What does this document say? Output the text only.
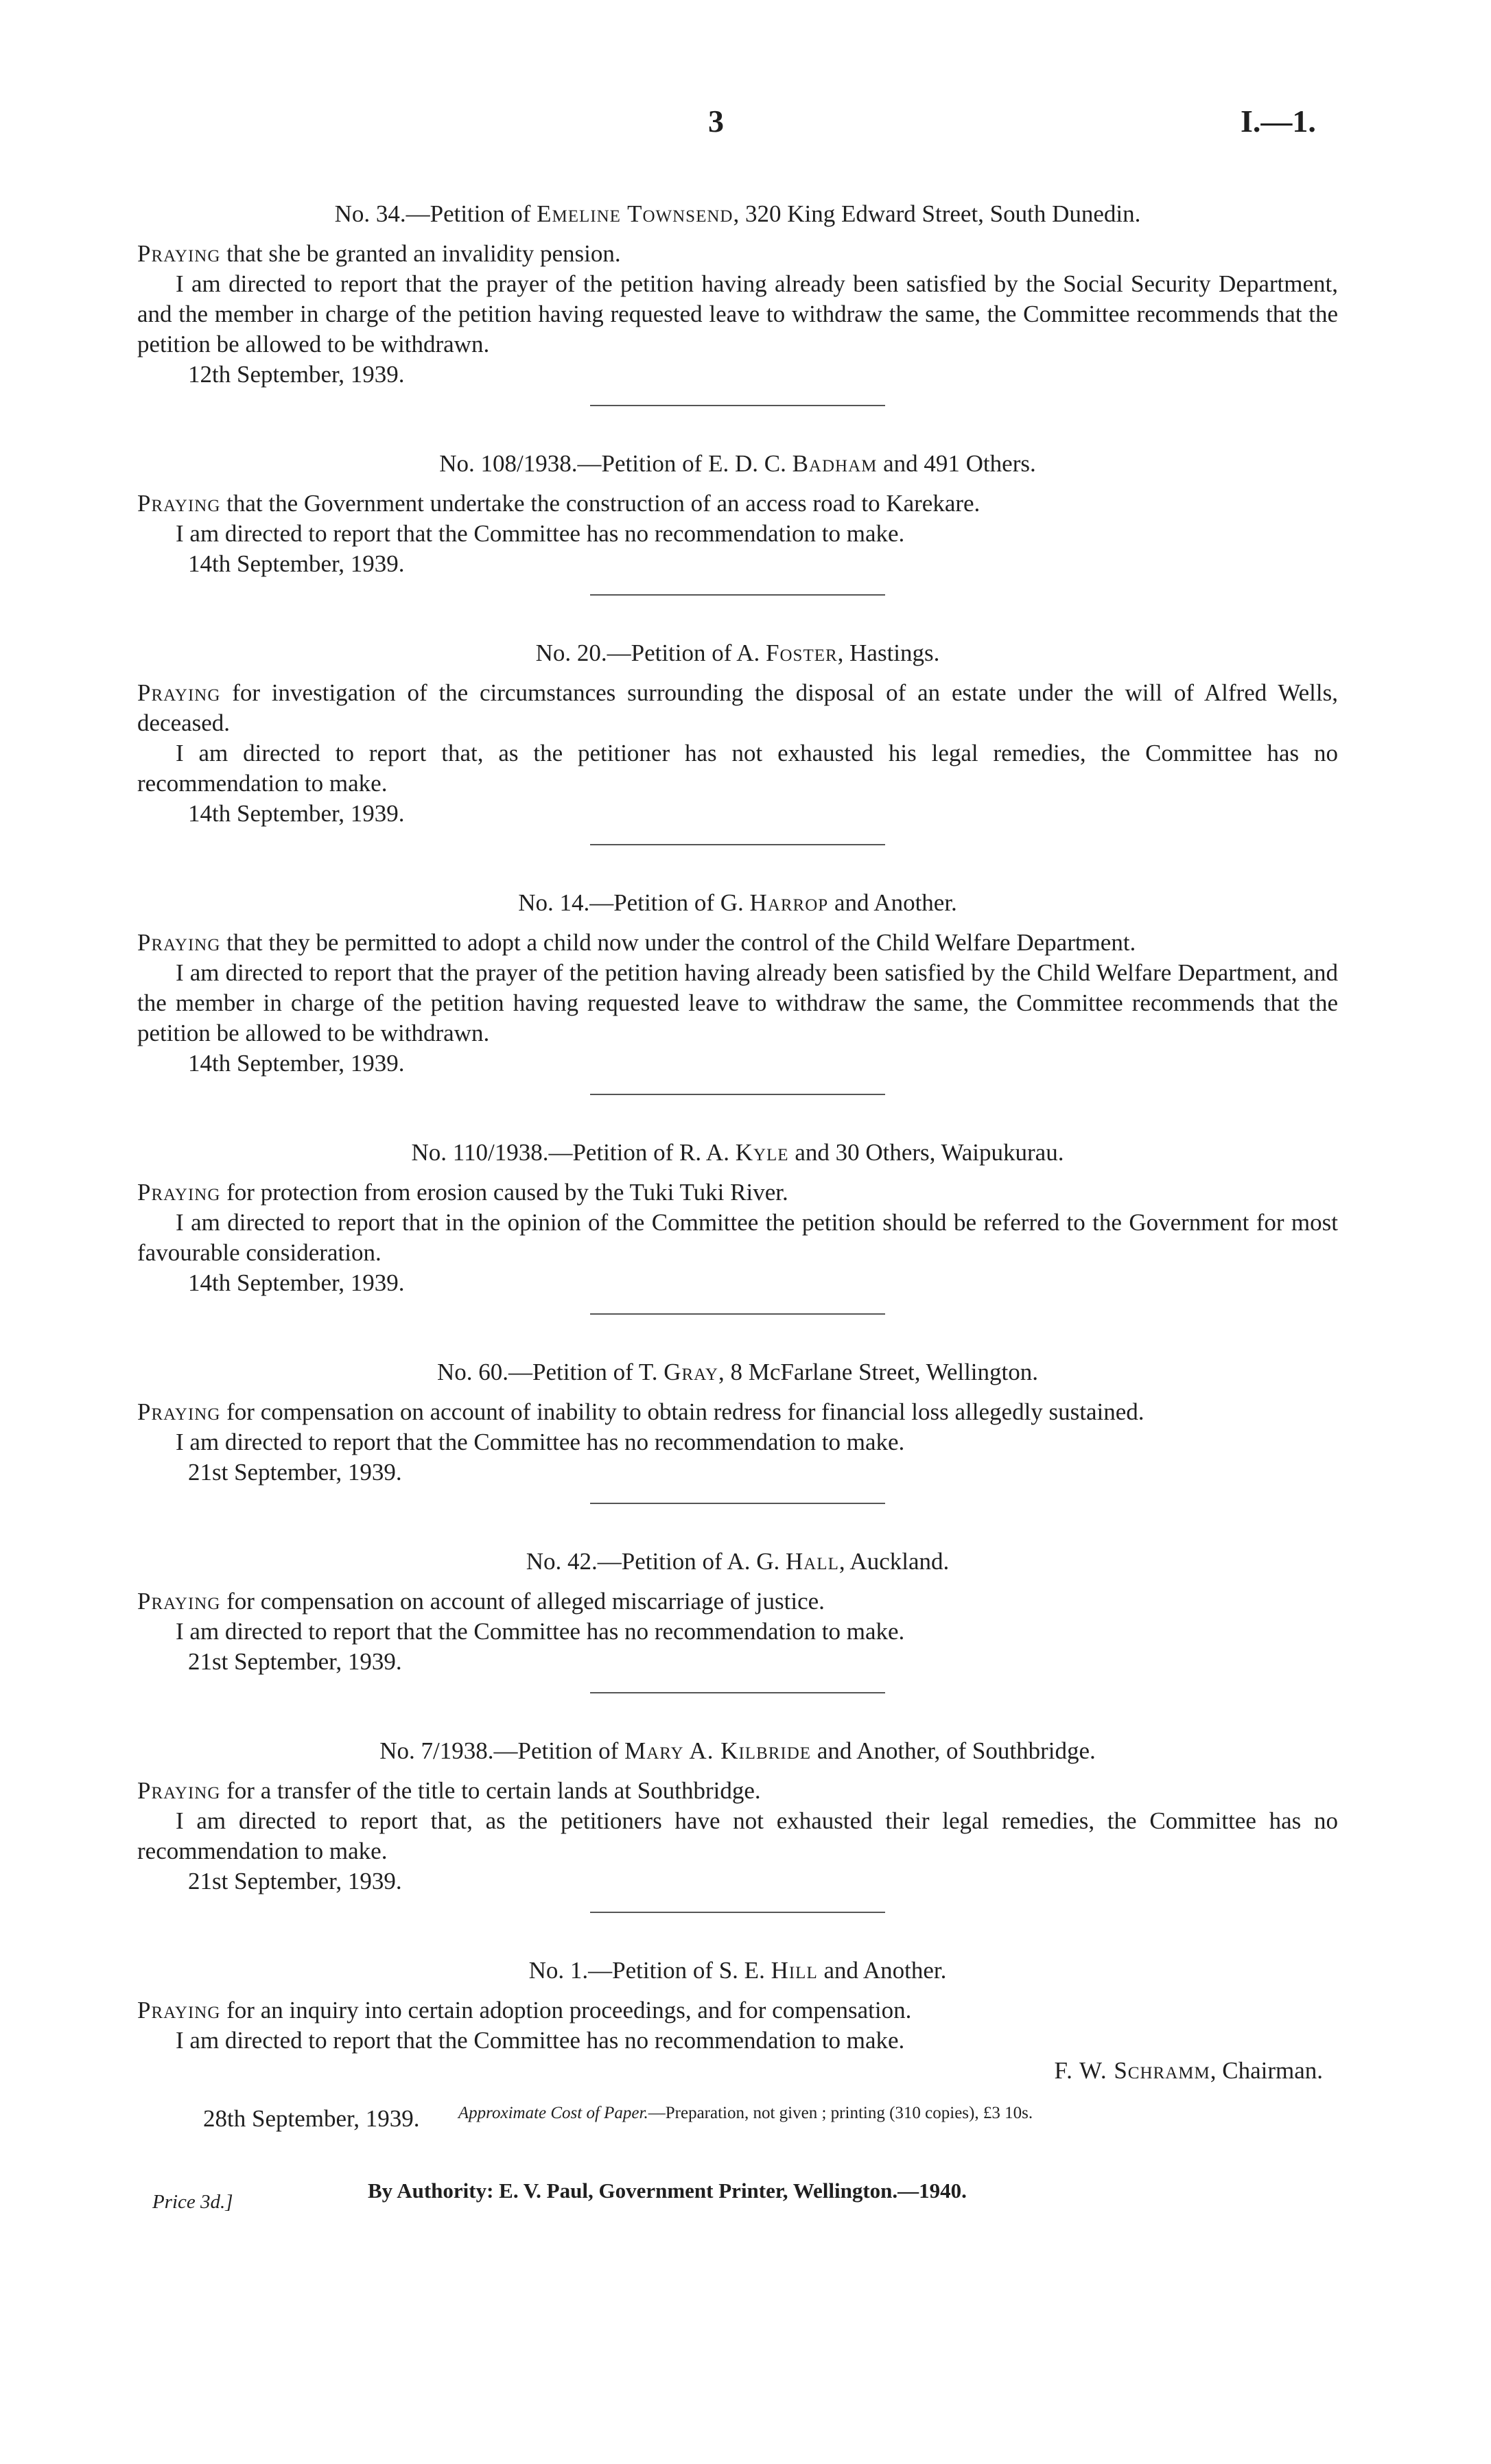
3	I.—1.

No. 34.—Petition of Emeline Townsend, 320 King Edward Street, South Dunedin.

Praying that she be granted an invalidity pension.

I am directed to report that the prayer of the petition having already been satisfied by the Social Security Department, and the member in charge of the petition having requested leave to withdraw the same, the Committee recommends that the petition be allowed to be withdrawn.

12th September, 1939.

No. 108/1938.—Petition of E. D. C. Badham and 491 Others.

Praying that the Government undertake the construction of an access road to Karekare.

I am directed to report that the Committee has no recommendation to make.

14th September, 1939.

No. 20.—Petition of A. Foster, Hastings.

Praying for investigation of the circumstances surrounding the disposal of an estate under the will of Alfred Wells, deceased.

I am directed to report that, as the petitioner has not exhausted his legal remedies, the Committee has no recommendation to make.

14th September, 1939.

No. 14.—Petition of G. Harrop and Another.

Praying that they be permitted to adopt a child now under the control of the Child Welfare Department.

I am directed to report that the prayer of the petition having already been satisfied by the Child Welfare Department, and the member in charge of the petition having requested leave to withdraw the same, the Committee recommends that the petition be allowed to be withdrawn.

14th September, 1939.

No. 110/1938.—Petition of R. A. Kyle and 30 Others, Waipukurau.

Praying for protection from erosion caused by the Tuki Tuki River.

I am directed to report that in the opinion of the Committee the petition should be referred to the Government for most favourable consideration.

14th September, 1939.

No. 60.—Petition of T. Gray, 8 McFarlane Street, Wellington.

Praying for compensation on account of inability to obtain redress for financial loss allegedly sustained.

I am directed to report that the Committee has no recommendation to make.

21st September, 1939.

No. 42.—Petition of A. G. Hall, Auckland.

Praying for compensation on account of alleged miscarriage of justice.

I am directed to report that the Committee has no recommendation to make.

21st September, 1939.

No. 7/1938.—Petition of Mary A. Kilbride and Another, of Southbridge.

Praying for a transfer of the title to certain lands at Southbridge.

I am directed to report that, as the petitioners have not exhausted their legal remedies, the Committee has no recommendation to make.

21st September, 1939.

No. 1.—Petition of S. E. Hill and Another.

Praying for an inquiry into certain adoption proceedings, and for compensation.

I am directed to report that the Committee has no recommendation to make.

F. W. Schramm, Chairman.

28th September, 1939.	Approximate Cost of Paper.—Preparation, not given ; printing (310 copies), £3 10s.
Price 3d.]	By Authority: E. V. Paul, Government Printer, Wellington.—1940.
